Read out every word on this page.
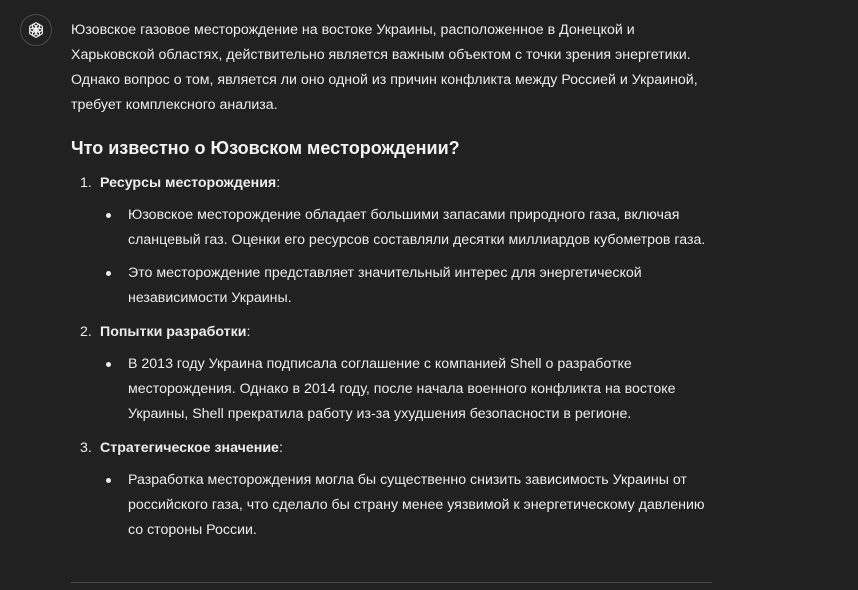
Юзовское газовое месторождение на востоке Украины, расположенное в Донецкой и Харьковской областях, действительно является важным объектом с точки зрения энергетики. Однако вопрос о том, является ли оно одной из причин конфликта между Россией и Украиной, требует комплексного анализа.

Что известно о Юзовском месторождении?
1. Ресурсы месторождения :
Юзовское месторождение обладает большими запасами природного газа, включая сланцевый газ. Оценки его ресурсов составляли десятки миллиардов кубометров газа.
Это месторождение представляет значительный интерес для энергетической независимости Украины.
2. Попытки разработки :
В 2013 году Украина подписала соглашение с компанией Shell о разработке месторождения. Однако в 2014 году, после начала военного конфликта на востоке Украины, Shell прекратила работу из-за ухудшения безопасности в регионе.
3. Стратегическое значение :
Разработка месторождения могла бы существенно снизить зависимость Украины от российского газа, что сделало бы страну менее уязвимой к энергетическому давлению со стороны России.
